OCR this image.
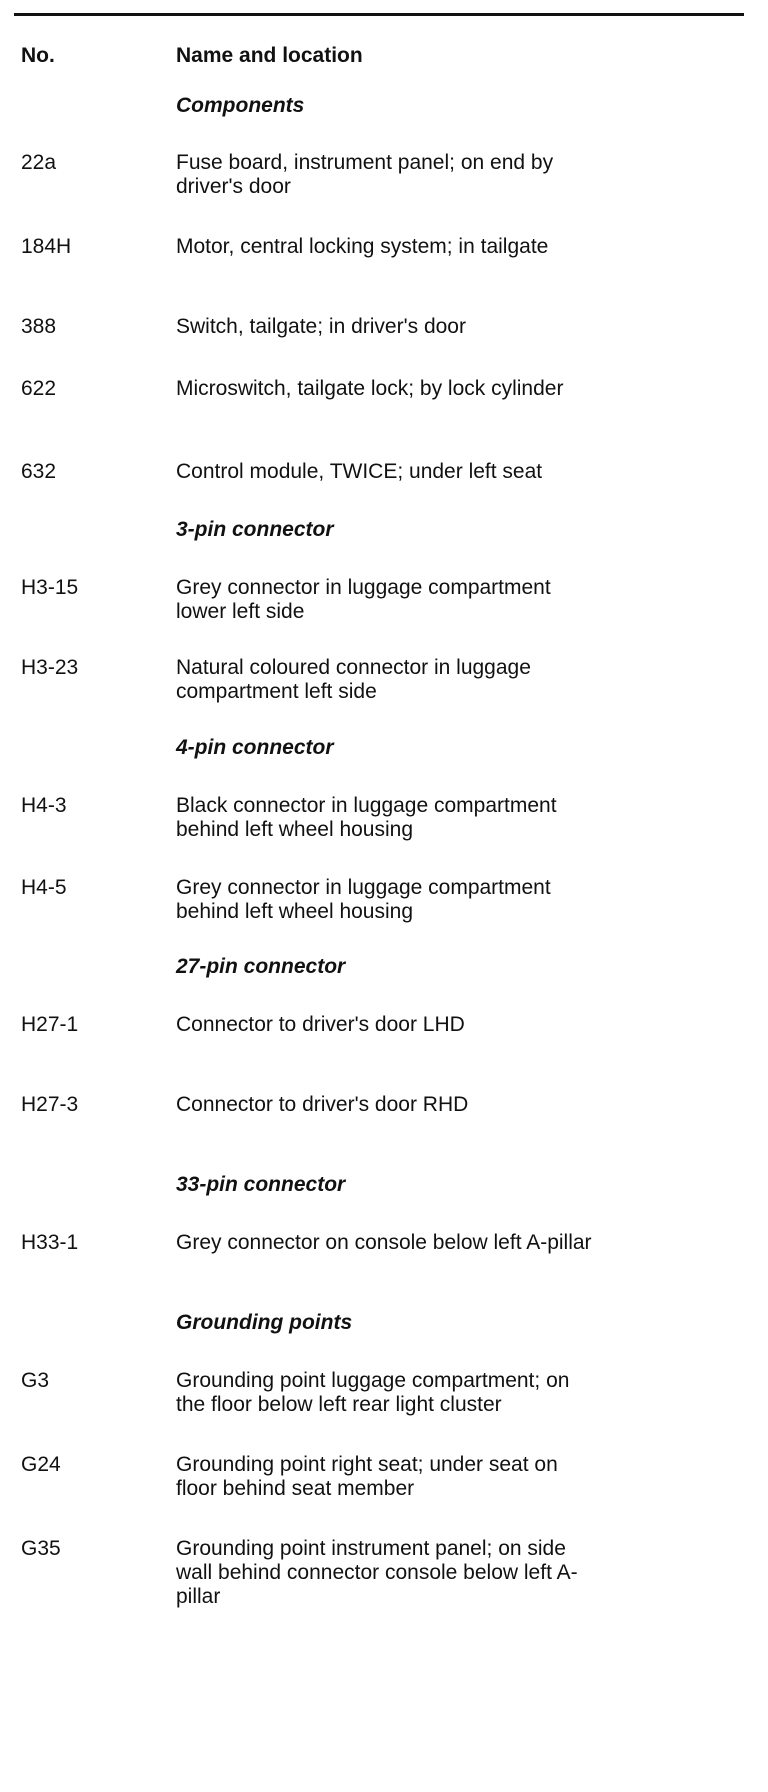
No.	Name and location
Components
22a	Fuse board, instrument panel; on end by driver's door
184H	Motor, central locking system; in tailgate
388	Switch, tailgate; in driver's door
622	Microswitch, tailgate lock; by lock cylinder
632	Control module, TWICE; under left seat
3-pin connector
H3-15	Grey connector in luggage compartment lower left side
H3-23	Natural coloured connector in luggage compartment left side
4-pin connector
H4-3	Black connector in luggage compartment behind left wheel housing
H4-5	Grey connector in luggage compartment behind left wheel housing
27-pin connector
H27-1	Connector to driver's door LHD
H27-3	Connector to driver's door RHD
33-pin connector
H33-1	Grey connector on console below left A-pillar
Grounding points
G3	Grounding point luggage compartment; on the floor below left rear light cluster
G24	Grounding point right seat; under seat on floor behind seat member
G35	Grounding point instrument panel; on side wall behind connector console below left A-pillar
